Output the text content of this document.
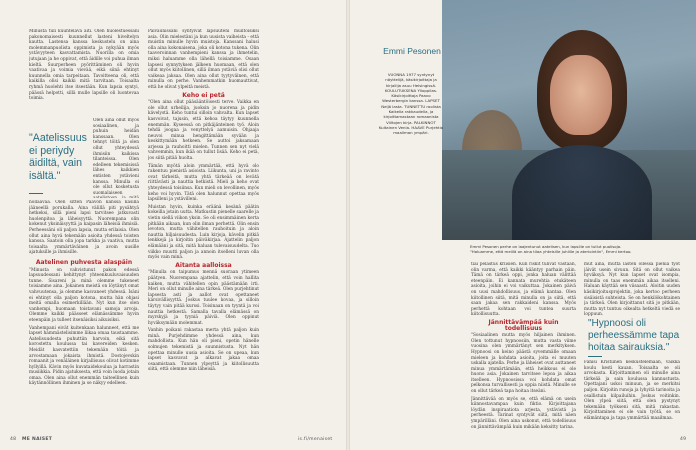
Minusta tuli kuuntelava äiti. Olen huolestuessani pakonomaisesti kuunnellut lasteni hiveltelyn kautta. Lastensa kanssa keskustelu on aina molemmanpuolista oppimista ja nykyään myös ystävyyteen kasvattamista. Nuorilla on omia jutujaan ja he oppivat, että äidille voi puhua ilman kieltä. Suurperheen pyörittäminen oli hyvin vaativaa ja voimia vievää, eikä siinä ehtinyt kuunnella omia tarpeitaan. Tavoitteena oli, että kaikilla olisi kaikki mitä tarvitaan. Toisaalta ryhmä huolehti itse itsestään. Kun lapsia syntyi, päässä helpotti, sillä mulle lapsille oli luontevaa toimia.

"Aatelissuus ei periydy äidiltä, vain isältä."

Olen aina ollut myös sosiaalinen, ja puhuin heidän kanssaan. Olen tehnyt töitä ja olen ollut yhteydessä ihmisiin kaikissa tilanteissa. Olen edelleen tekemisissä lähes kaikkien entisten ystävieni kanssa. Minulla ei ole ollut kosketusta suomalaiseen

nollaavaa. Olen sitten Paavon kanssa käsillä jääneellä porukalla. Aina välillä piti pysähtyä hetkeksi, sillä pieni lapsi tarvitsee jatkuvasti huolenpitoa ja läheisyyttä. Nuorempana olin kokenut yksinäisyyttä ja kaipasin läheisiä ihmisiä. Perheessäni oli paljon lapsia, mutta erilaisia. Olen ollut aina hyvä tekemään asioita yhdessä toisten kanssa. Saatoin olla jopa tarkka ja vaativa, mutta toisaalta ymmärtäväinen ja avoin uusille ajatuksille ja ihmisille.

Aatelinen puhvesta alaspäin

"Minusta on vahvistunut pakon edessä lapsuudessani kehittynyt yhteenkuuluvaisuuden tunne. Sisareni ja minä olemme tukeneet toisiamme aina. Jokainen meistä on löytänyt omat vahvuutensa, ja olemme kasvaneet yhdessä. Isäni ei ehtinyt olla paljon kotona, mutta hän ohjasi meitä omalla esimerkillään. Nyt kun itse olen vanhempi, huomaan toistavani samoja arvoja. Olemme kaikki päässeet elämässämme hyvin eteenpäin ja tulleet itsenäisiksi aikuisiksi.

Vanhempani eivät kuitenkaan halunneet, että me lapset hämmästelisimme liikaa omaa taustaamme. Aatelisuudesta puhuttiin harvoin, eikä sitä korostettu koulussa tai kavereiden kesken. Meidät kasvatettiin tekemään töitä ja arvostamaan jokaista ihmistä. Dostojevskin romaanit ja venäläinen kirjallisuus olivat kotimme hyllyillä. Kävin myös kuvataidekoulua ja harrastin musiikkia. Pidin ajatuksesta, että voin luoda jotain omaa. Olen aina ollut enemmän taiteellinen kuin käytännöllinen ihminen ja se näkyy edelleen.

Päiväunissani syntyivät lapsuuteni muiltoisiksi asia. Olin mielestäni ja kun uusista vaiheista - että muistin minulle hyvin muistoja. Kanssani halusi olla aina kokonaisena, joka oli kotona tukena. Olin taaveroinnan vanhempieni kanssa ja ihmetelin, miksi haluamme olla lähellä toisiamme. Osaan lapsesi synnytyksen jälkeen huomaan, että olen ollut myös kiitollinen, sillä ilman ystäviä olisi ollut vaikeaa jaksaa. Olen aina ollut tyytyväinen, että minulla on perhe. Vanhemmatkin huomauttivat, että he olivat ylpeitä meistä.

Keho ei petä

"Olen aina ollut pääsääntöisesti terve. Vaikka en ole ollut urheilija, juoksin jo nuorena ja pidin kävelystä. Keho tuntui silloin vahvalta. Kun lapset kasvoivat, tajusin, että kehoa täytyy kuunnella enemmän. Kyseessä on pitkäjänteinen työ. Aloin tehdä joogaa ja venyttelyä aamuisin. Ohjaaja neuvoi minua hengittämään syvään ja keskittymään hetkeen. Se auttoi jaksamaan arjessa ja rauhoitti mielen. Tunnen sen nyt vielä vahvemmin, kun ikää on tullut lisää. Keho ei petä, jos siitä pitää huolta.

Tämän myötä aloin ymmärtää, että hyvä olo rakentuu pienistä asioista. Liikunta, uni ja ravinto ovat tärkeitä, mutta yhtä tärkeää on levätä riittävästi ja nauttia hetkistä. Mieli ja keho ovat yhteydessä toisiinsa. Kun mieli on levollinen, myös keho voi hyvin. Tätä olen halunnut opettaa myös lapsilleni ja ystävilleni.

Muistan hyvin, kuinka eräänä kesänä päätin kokeilla jotain uutta. Matkustin pienelle saarelle ja vietin siellä viikon yksin. Se oli ensimmäinen kerta pitkään aikaan, kun olin ilman perhettä. Olin ensin levoton, mutta vähitellen rauhoituin ja aloin nauttia hiljaisuudesta. Luin kirjoja, kävelin pitkiä lenkkejä ja kirjoitin päiväkirjaa. Ajattelin paljon elämääni ja sitä, mitä haluan tulevaisuudelta. Tuo viikko muutti paljon ja annoin itselleni luvan olla myös vain minä.

Aitanta aalloissa

"Minulla on taipumus mennä suoraan ytimeen päätyen. Nuorempana ajattelin, että voin hallita kaiken, mutta vähitellen opin päästämään irti. Meri on ollut minulle aina tärkeä. Olen purjehtinut lapsesta asti ja aallot ovat opettaneet kärsivällisyyttä. Joskus tuulee kovaa, ja silloin täytyy vain pitää kurssi. Toisinaan on tyyntä ja voi nauttia hetkestä. Samalla tavalla elämässä on myrskyjä ja tyyniä päiviä. Olen oppinut hyväksymään molemmat.

Vanhin poikani rakastaa merta yhtä paljon kuin minä. Purjehdimme yhdessä aina, kun mahdollista. Kun hän oli pieni, opetin hänelle solmujen tekemistä ja suunnistusta. Nyt hän opettaa minulle uusia asioita. Se on upeaa, kun lapset kasvavat ja alkavat jakaa omaa osaamistaan. Tunnen ylpeyttä ja kiitollisuutta siitä, että olemme niin läheisiä.

48 ME NAISET	is.fi/menaiset
Emmi Pesonen
VUONNA 1977 syntynyt näyttelijä, käsikirjoittaja ja kirjailija asuu Helsingissä. KOULUTUKSENA Ylioppilas. Käsikirjoittaja Paavo Westerbergin kanssa. LAPSET Neljä lasta. TUNNETTU roolista Kaikella rakkaudella, ja kirjoittamastaan romaanista Viiltojen kirja. PALKINNOT Kultainen Venla. HAAVE Purjehtia maailman ympäri.
Emmi Pesonen perhe on laajentunut aatelisen, kun lapsille on tullut puolisoja. "Haluamme, että meillä on aina tilaa yhteisille juhlille ja ateriointiin", Emmi kertoo.

tiai pelastus kriisien. Kun riskit tulivat vastaan, olin varma, että kaikki kääntyy parhain päin. Tämä on tärkeä oppi, jonka haluan välittää eteenpäin. Ei kannata murehtia etukäteen asioita, joihin ei voi vaikuttaa. Jokainen päivä on uusi mahdollisuus, ja elämä kantaa. Olen kiitollinen siitä, mitä minulla on ja siitä, että saan jakaa sen rakkaideni kanssa. Myös perhettä kohtaan voi tuntea suurta kiitollisuutta.

Jännittävämpää kuin todellisuus

"Sosiaalinen mutta myös hiljainen ihminen. Olen tottunut hypnoosiin, mutta vasta viime vuosina olen ymmärtänyt sen merkityksen. Hypnoosi on keino päästä syvemmälle omaan mieleen ja kohdata asioita, joita ei muuten uskalla ajatella. Perhe ja läheiset ovat auttaneet minua ymmärtämään, että heikkous ei ole huono asia. Jokainen tarvitsee lepoa ja aikaa itselleen. Hypnoosissa voi kohdata omat pelkonsa turvallisesti ja oppia niistä. Minulle se on ollut tärkeä tapa hoitaa itseäni.

Jännittävää on myös se, että elämä on usein kiinnostavampaa kuin fiktio. Kirjoittajana löydän inspiraatiota arjesta, ystävistä ja perheestä. Tarinat syntyvät siitä, mitä näen ympärilläni. Olen aina uskonut, että todellisuus on jännittävämpää kuin mikään keksitty tarina.

mut aina, mutta lasten ollessa pieniä työt jäivät usein sivuun. Sitä on ollut vaikea hyväksyä. Nyt kun lapset ovat isompia, minulla on taas enemmän aikaa itselleni. Haluan käyttää sen viisaasti. Aloitin uuden käsikirjoitusprojektin, joka kertoo perheen sisäisistä suhteista. Se on henkilökohtainen ja tärkeä. Olen kirjoittanut sitä jo pitkään, mutta nyt tuntuu oikealta hetkeltä viedä se loppuun.

"Hypnoosi oli perheessämme tapa hoitaa sairauksia."

Fanisi Kristiinen keskustelemaan, vaikka koulu kesti kauan. Toisaalta se oli arvokasta. Kirjoittaminen oli minulle aina tärkeää ja sain koulussa kannustusta. Opettajani uskoi minuun, ja se merkitsi paljon. Kirjoitin runoja ja lyhyitä tarinoita ja osallistuin kilpailuihin. Joskus voitinkin. Olen ylpeä siitä, että olen pystynyt tekemään työkseni sitä, mitä rakastan. Kirjoittaminen ei ole vain työtä, se on elämäntapa ja tapa ymmärtää maailmaa.

49
